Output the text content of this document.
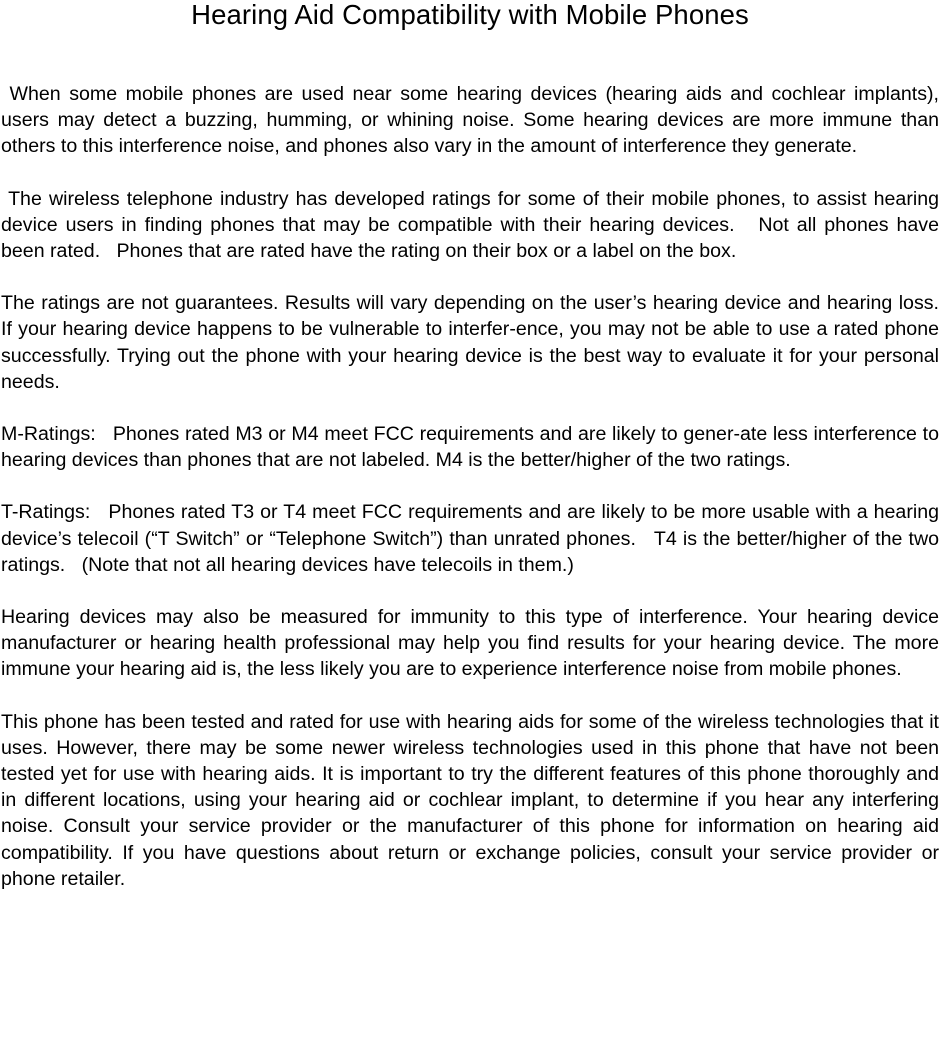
Hearing Aid Compatibility with Mobile Phones

When some mobile phones are used near some hearing devices (hearing aids and cochlear implants), users may detect a buzzing, humming, or whining noise. Some hearing devices are more immune than others to this interference noise, and phones also vary in the amount of interference they generate.

The wireless telephone industry has developed ratings for some of their mobile phones, to assist hearing device users in finding phones that may be compatible with their hearing devices.   Not all phones have been rated.   Phones that are rated have the rating on their box or a label on the box.

The ratings are not guarantees. Results will vary depending on the user’s hearing device and hearing loss. If your hearing device happens to be vulnerable to interfer-ence, you may not be able to use a rated phone successfully. Trying out the phone with your hearing device is the best way to evaluate it for your personal needs.

M-Ratings:   Phones rated M3 or M4 meet FCC requirements and are likely to gener-ate less interference to hearing devices than phones that are not labeled. M4 is the better/higher of the two ratings.

T-Ratings:   Phones rated T3 or T4 meet FCC requirements and are likely to be more usable with a hearing device’s telecoil (“T Switch” or “Telephone Switch”) than unrated phones.   T4 is the better/higher of the two ratings.   (Note that not all hearing devices have telecoils in them.)

Hearing devices may also be measured for immunity to this type of interference. Your hearing device manufacturer or hearing health professional may help you find results for your hearing device. The more immune your hearing aid is, the less likely you are to experience interference noise from mobile phones.

This phone has been tested and rated for use with hearing aids for some of the wireless technologies that it uses. However, there may be some newer wireless technologies used in this phone that have not been tested yet for use with hearing aids. It is important to try the different features of this phone thoroughly and in different locations, using your hearing aid or cochlear implant, to determine if you hear any interfering noise. Consult your service provider or the manufacturer of this phone for information on hearing aid compatibility. If you have questions about return or exchange policies, consult your service provider or phone retailer.
